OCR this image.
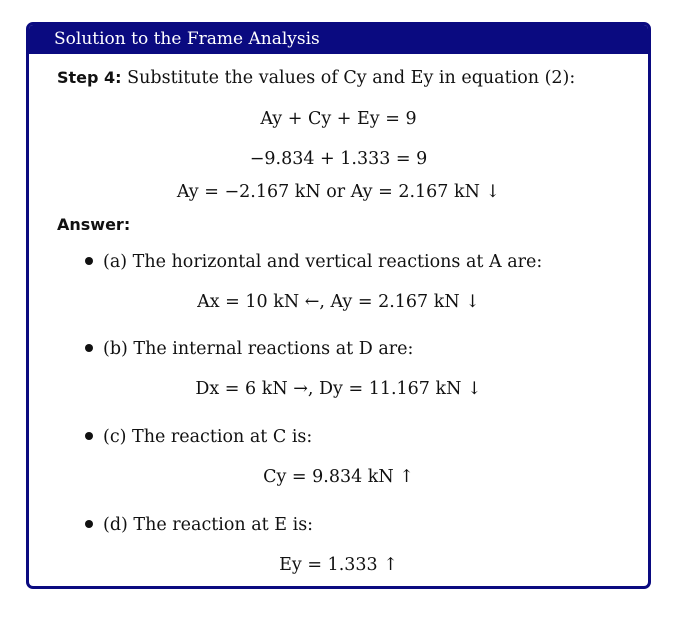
Solution to the Frame Analysis
Step 4: Substitute the values of Cy and Ey in equation (2):
Ay + Cy + Ey = 9
−9.834 + 1.333 = 9
Ay = −2.167 kN or Ay = 2.167 kN ↓
Answer:
(a) The horizontal and vertical reactions at A are:
Ax = 10 kN ←, Ay = 2.167 kN ↓
(b) The internal reactions at D are:
Dx = 6 kN →, Dy = 11.167 kN ↓
(c) The reaction at C is:
Cy = 9.834 kN ↑
(d) The reaction at E is:
Ey = 1.333 ↑
